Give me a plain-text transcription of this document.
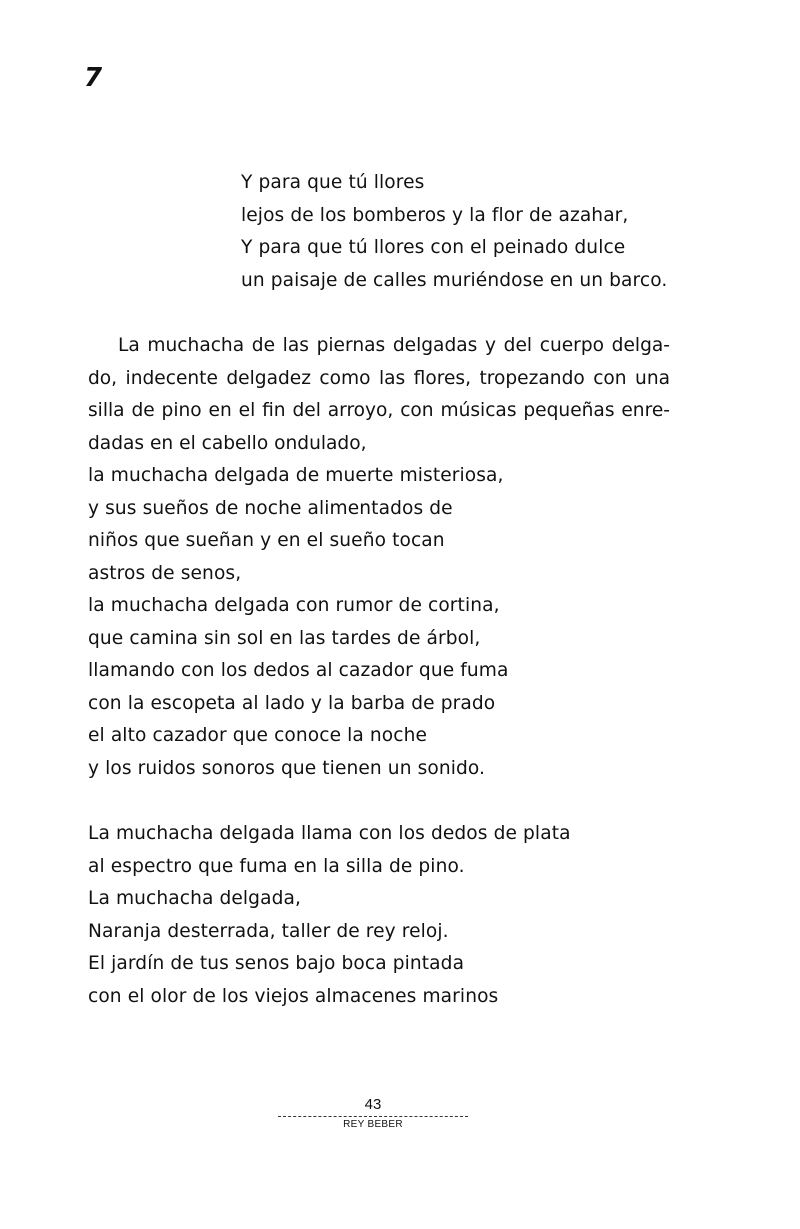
7
Y para que tú llores
lejos de los bomberos y la flor de azahar,
Y para que tú llores con el peinado dulce
un paisaje de calles muriéndose en un barco.
La muchacha de las piernas delgadas y del cuerpo delgado, indecente delgadez como las flores, tropezando con una silla de pino en el fin del arroyo, con músicas pequeñas enredadas en el cabello ondulado,
la muchacha delgada de muerte misteriosa,
y sus sueños de noche alimentados de
niños que sueñan y en el sueño tocan
astros de senos,
la muchacha delgada con rumor de cortina,
que camina sin sol en las tardes de árbol,
llamando con los dedos al cazador que fuma
con la escopeta al lado y la barba de prado
el alto cazador que conoce la noche
y los ruidos sonoros que tienen un sonido.
La muchacha delgada llama con los dedos de plata
al espectro que fuma en la silla de pino.
La muchacha delgada,
Naranja desterrada, taller de rey reloj.
El jardín de tus senos bajo boca pintada
con el olor de los viejos almacenes marinos
43
REY BEBER
